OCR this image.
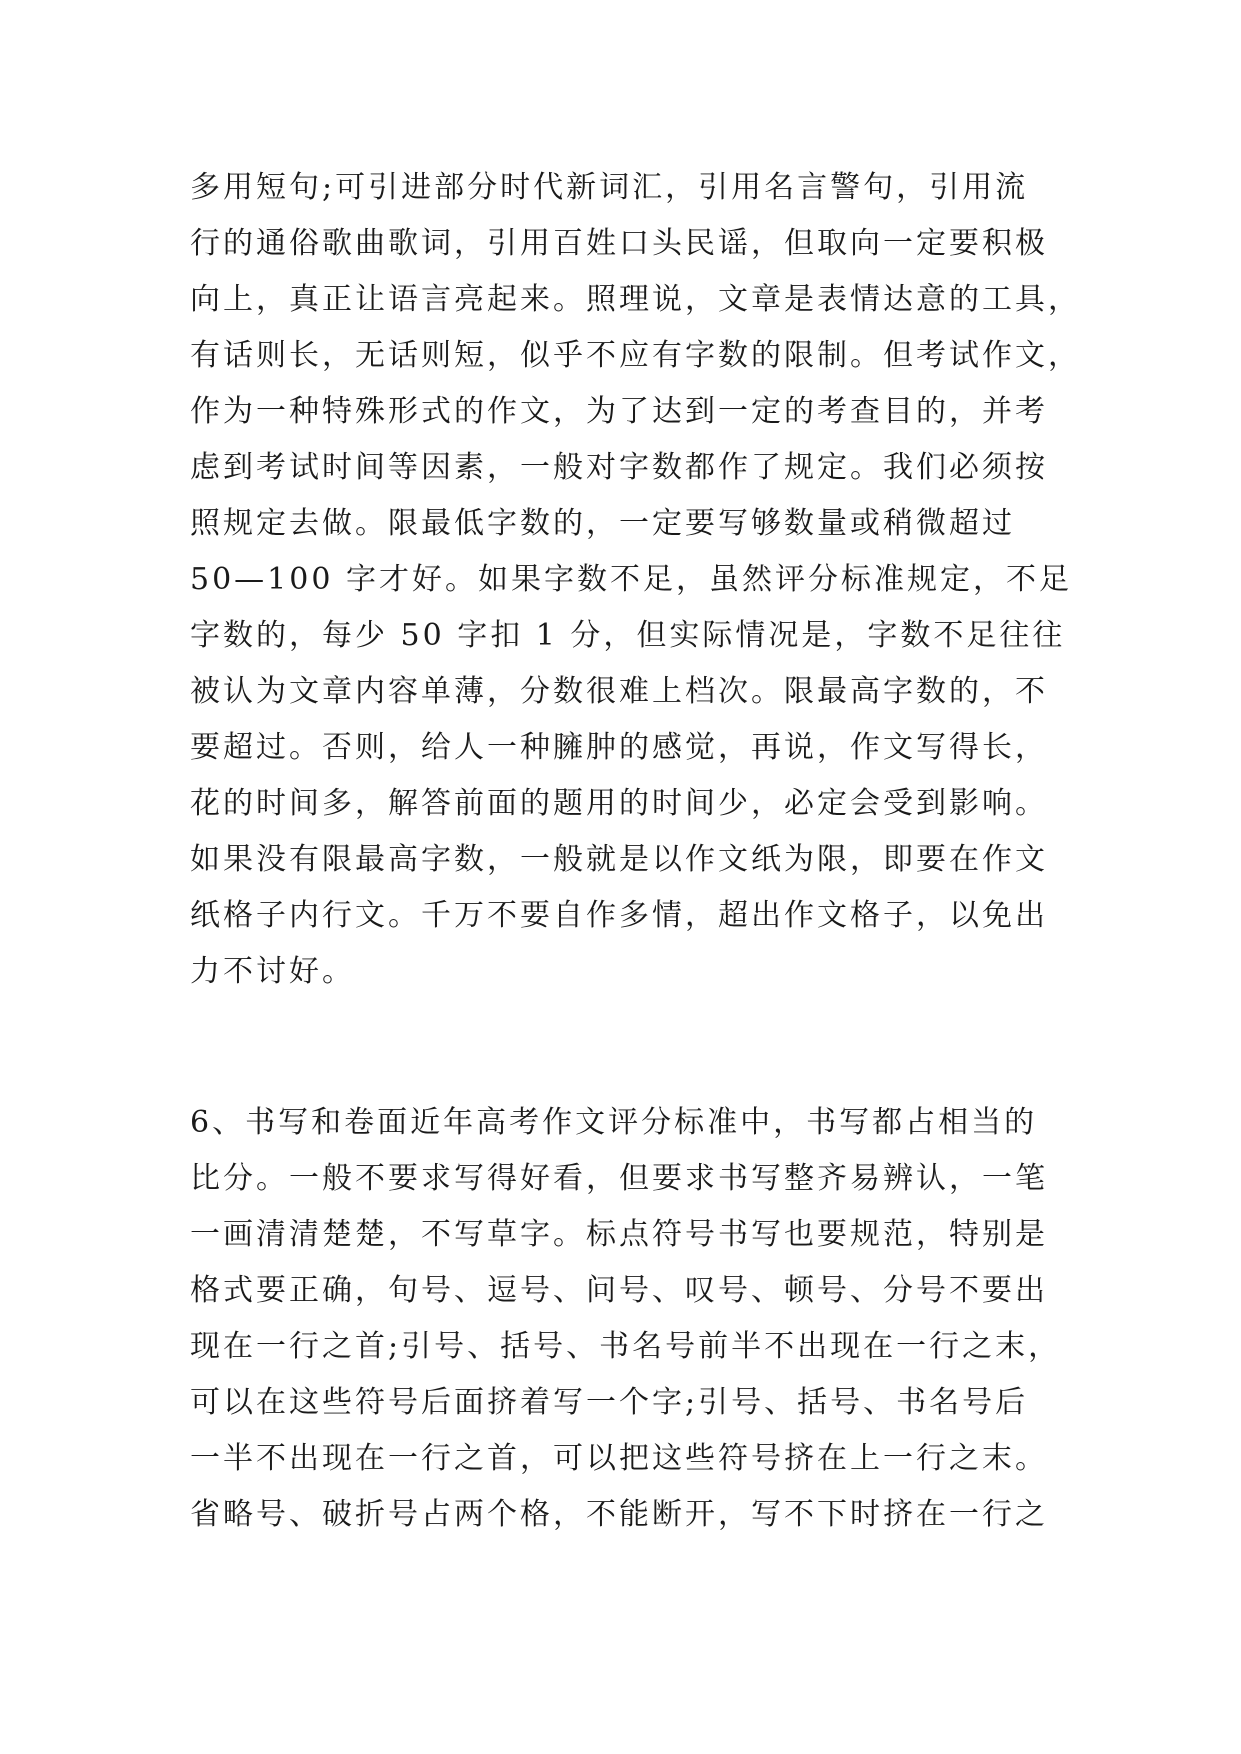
多用短句;可引进部分时代新词汇，引用名言警句，引用流
行的通俗歌曲歌词，引用百姓口头民谣，但取向一定要积极
向上，真正让语言亮起来。照理说，文章是表情达意的工具，
有话则长，无话则短，似乎不应有字数的限制。但考试作文，
作为一种特殊形式的作文，为了达到一定的考查目的，并考
虑到考试时间等因素，一般对字数都作了规定。我们必须按
照规定去做。限最低字数的，一定要写够数量或稍微超过
50—100 字才好。如果字数不足，虽然评分标准规定，不足
字数的，每少 50 字扣 1 分，但实际情况是，字数不足往往
被认为文章内容单薄，分数很难上档次。限最高字数的，不
要超过。否则，给人一种臃肿的感觉，再说，作文写得长，
花的时间多，解答前面的题用的时间少，必定会受到影响。
如果没有限最高字数，一般就是以作文纸为限，即要在作文
纸格子内行文。千万不要自作多情，超出作文格子，以免出
力不讨好。
6、书写和卷面近年高考作文评分标准中，书写都占相当的
比分。一般不要求写得好看，但要求书写整齐易辨认，一笔
一画清清楚楚，不写草字。标点符号书写也要规范，特别是
格式要正确，句号、逗号、问号、叹号、顿号、分号不要出
现在一行之首;引号、括号、书名号前半不出现在一行之末，
可以在这些符号后面挤着写一个字;引号、括号、书名号后
一半不出现在一行之首，可以把这些符号挤在上一行之末。
省略号、破折号占两个格，不能断开，写不下时挤在一行之
